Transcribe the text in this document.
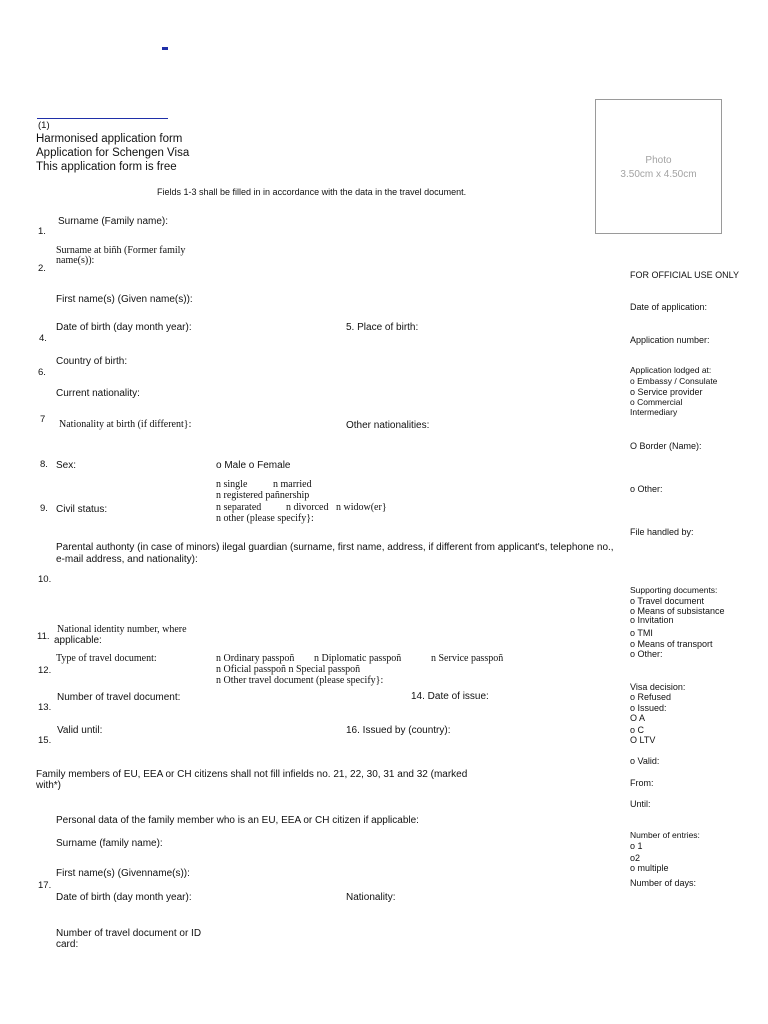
(1)
Harmonised application form
Application for Schengen Visa
This application form is free
Fields 1-3 shall be filled in in accordance with the data in the travel document.
Photo
3.50cm x 4.50cm
Surname (Family name):
1.
Surname at biñh (Former family
name(s)):
2.
First name(s) (Given name(s)):
Date of birth (day month year):	5. Place of birth:
4.
Country of birth:
6.
Current nationality:
7 Nationality at birth (if different}:	Other nationalities:
8. Sex:	o Male o Female
n single	n married
n registered pañnership
9. Civil status:	n separated n divorced n widow(er}
n other (please specify}:
Parental authonty (in case of minors) ilegal guardian (surname, first name, address, if different from applicant's, telephone no., e-mail address, and nationality):
10.
National identity number, where
11. applicable:
Type of travel document:	n Ordinary passpoñ n Diplomatic passpoñ	n Service passpoñ
12.	n Oficial passpoñ n Special passpoñ
n Other travel document (please specify}:
Number of travel document:	14. Date of issue:
13.
Valid until:	16. Issued by (country):
15.
Family members of EU, EEA or CH citizens shall not fill infields no. 21, 22, 30, 31 and 32 (marked
with*)
Personal data of the family member who is an EU, EEA or CH citizen if applicable:
Surname (family name):
First name(s) (Givenname(s)):
17.
Date of birth (day month year):	Nationality:
Number of travel document or ID
card:
FOR OFFICIAL USE ONLY
Date of application:
Application number:
Application lodged at:
o Embassy / Consulate
o Service provider
o Commercial
Intermediary
O Border (Name):
o Other:
File handled by:
Supporting documents:
o Travel document
o Means of subsistance
o Invitation
o TMI
o Means of transport
o Other:
Visa decision:
o Refused
o Issued:
O A
o C
O LTV
o Valid:
From:
Until:
Number of entries:
o 1
o2
o multiple
Number of days:
